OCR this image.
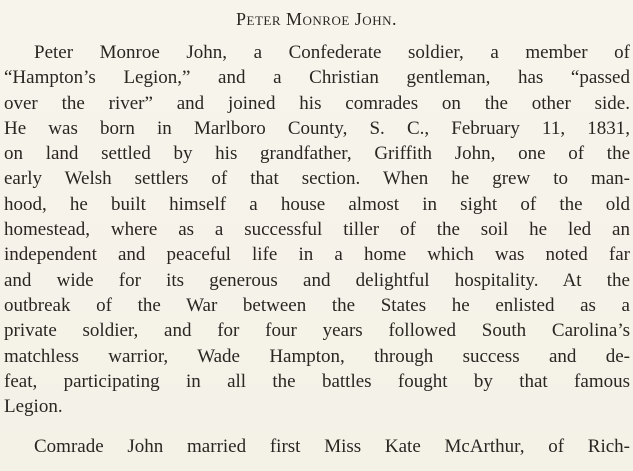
Peter Monroe John.
Peter Monroe John, a Confederate soldier, a member of
“Hampton’s Legion,” and a Christian gentleman, has “passed
over the river” and joined his comrades on the other side.
He was born in Marlboro County, S. C., February 11, 1831,
on land settled by his grandfather, Griffith John, one of the
early Welsh settlers of that section. When he grew to man-
hood, he built himself a house almost in sight of the old
homestead, where as a successful tiller of the soil he led an
independent and peaceful life in a home which was noted far
and wide for its generous and delightful hospitality. At the
outbreak of the War between the States he enlisted as a
private soldier, and for four years followed South Carolina’s
matchless warrior, Wade Hampton, through success and de-
feat, participating in all the battles fought by that famous
Legion.
Comrade John married first Miss Kate McArthur, of Rich-
